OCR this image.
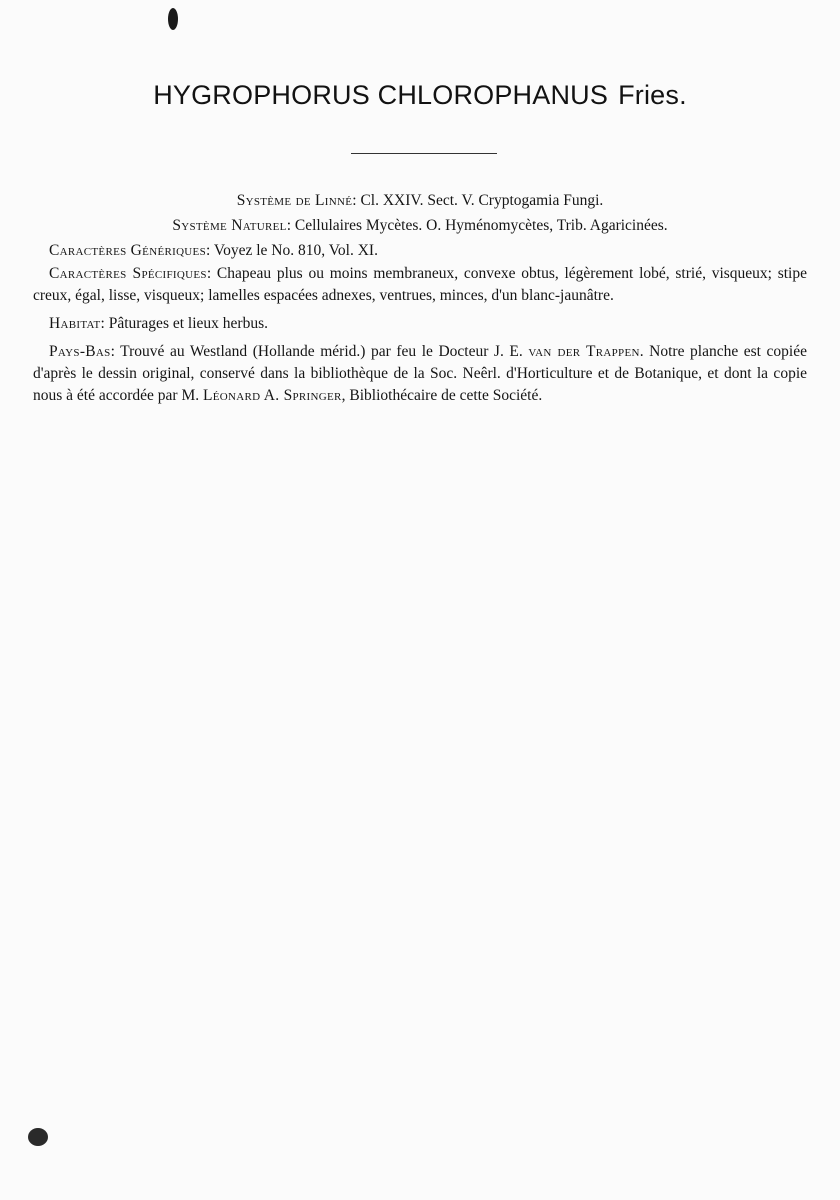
HYGROPHORUS CHLOROPHANUS Fries.

Système de Linné: Cl. XXIV. Sect. V. Cryptogamia Fungi.

Système Naturel: Cellulaires Mycètes. O. Hyménomycètes, Trib. Agaricinées.

Caractères Génériques: Voyez le No. 810, Vol. XI.

Caractères Spécifiques: Chapeau plus ou moins membraneux, convexe obtus, légèrement lobé, strié, visqueux; stipe creux, égal, lisse, visqueux; lamelles espacées adnexes, ventrues, minces, d'un blanc-jaunâtre.

Habitat: Pâturages et lieux herbus.

Pays-Bas: Trouvé au Westland (Hollande mérid.) par feu le Docteur J. E. van der Trappen. Notre planche est copiée d'après le dessin original, conservé dans la bibliothèque de la Soc. Neêrl. d'Horticulture et de Botanique, et dont la copie nous à été accordée par M. Léonard A. Springer, Bibliothécaire de cette Société.
